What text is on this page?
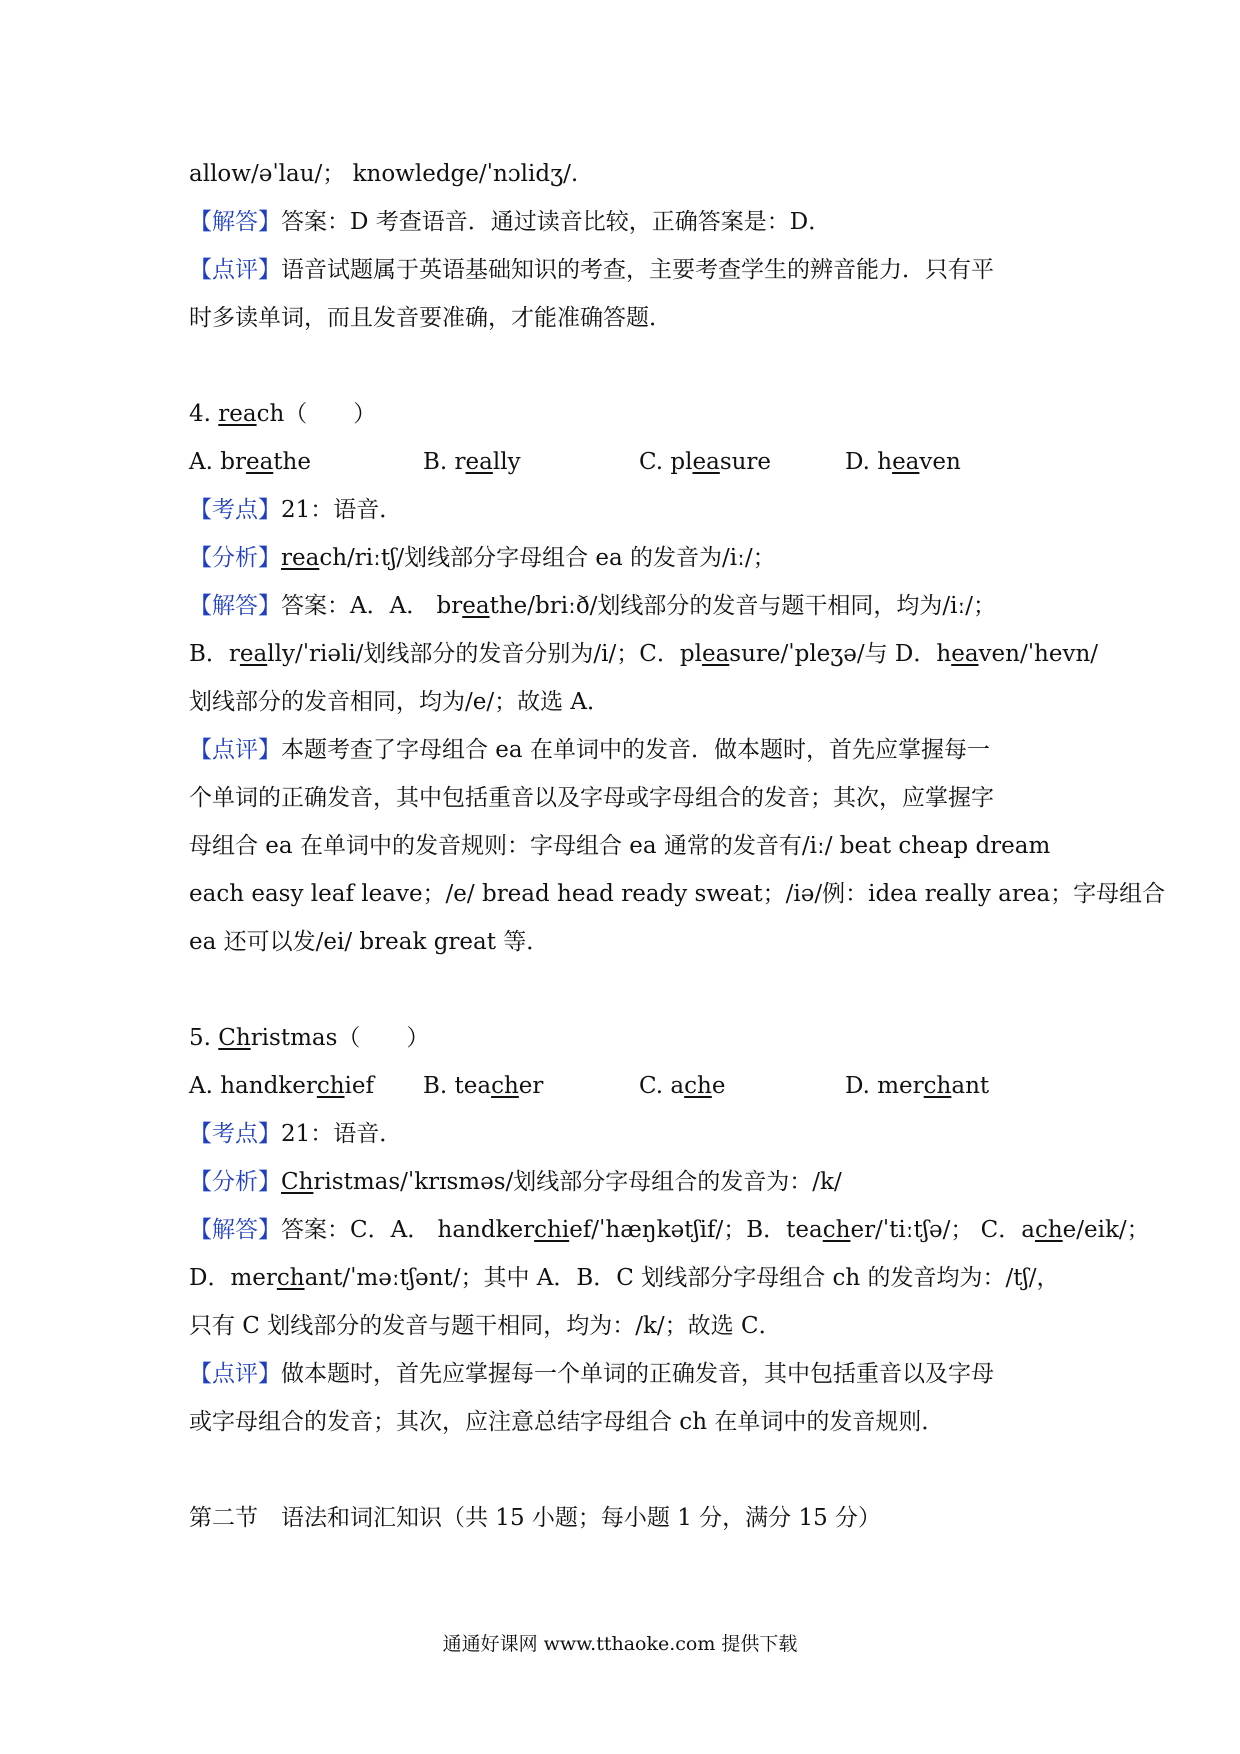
allow/əˈlau/； knowledge/ˈnɔlidʒ/.
【解答】答案：D 考查语音．通过读音比较，正确答案是：D．
【点评】语音试题属于英语基础知识的考查，主要考查学生的辨音能力．只有平
时多读单词，而且发音要准确，才能准确答题．
4. reach（　　）
A. breathe	B. really	C. pleasure	D. heaven
【考点】21：语音．
【分析】reach/riːtʃ/划线部分字母组合 ea 的发音为/iː/；
【解答】答案：A．A． breathe/briːð/划线部分的发音与题干相同，均为/iː/；
B．really/ˈriəli/划线部分的发音分别为/i/；C．pleasure/ˈpleʒə/与 D．heaven/ˈhevn/
划线部分的发音相同，均为/e/；故选 A．
【点评】本题考查了字母组合 ea 在单词中的发音．做本题时，首先应掌握每一
个单词的正确发音，其中包括重音以及字母或字母组合的发音；其次，应掌握字
母组合 ea 在单词中的发音规则：字母组合 ea 通常的发音有/iː/ beat cheap dream
each easy leaf leave；/e/ bread head ready sweat；/iə/例：idea really area；字母组合
ea 还可以发/ei/ break great 等．
5. Christmas（　　）
A. handkerchief B. teacher	C. ache	D. merchant
【考点】21：语音．
【分析】Christmas/ˈkrɪsməs/划线部分字母组合的发音为：/k/
【解答】答案：C．A． handkerchief/ˈhæŋkətʃif/；B．teacher/ˈtiːtʃə/； C．ache/eik/；
D．merchant/ˈməːtʃənt/；其中 A．B．C 划线部分字母组合 ch 的发音均为：/tʃ/，
只有 C 划线部分的发音与题干相同，均为：/k/；故选 C．
【点评】做本题时，首先应掌握每一个单词的正确发音，其中包括重音以及字母
或字母组合的发音；其次，应注意总结字母组合 ch 在单词中的发音规则．
第二节　语法和词汇知识（共 15 小题；每小题 1 分，满分 15 分）
通通好课网 www.tthaoke.com 提供下载
